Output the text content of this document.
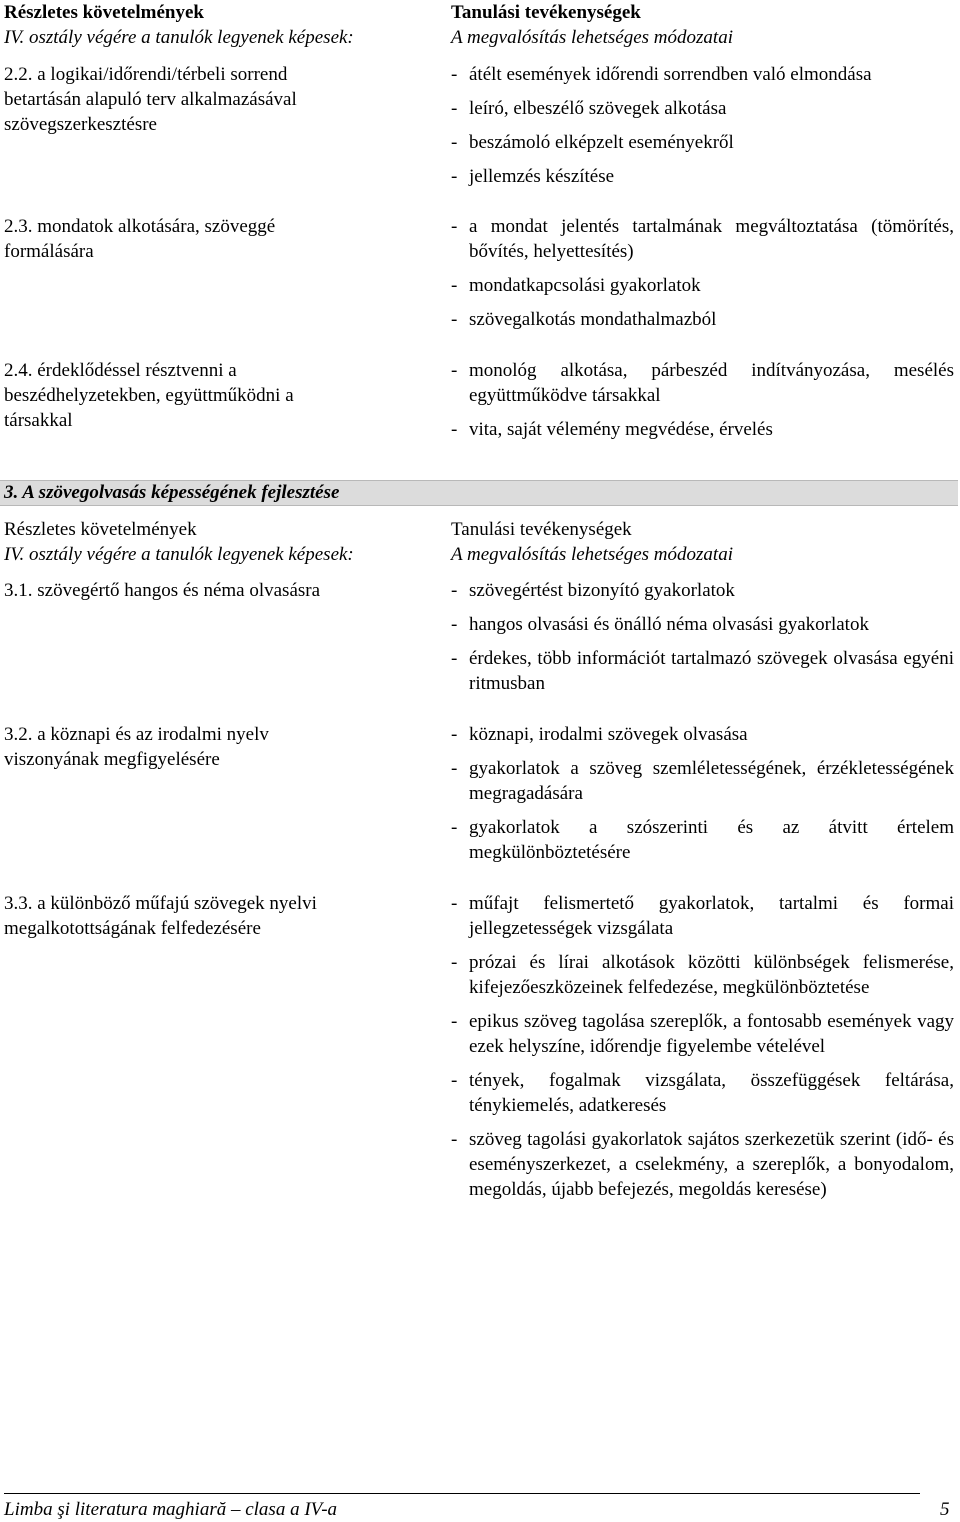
Részletes követelmények
IV. osztály végére a tanulók legyenek képesek:
Tanulási tevékenységek
A megvalósítás lehetséges módozatai
2.2. a logikai/időrendi/térbeli sorrend betartásán alapuló terv alkalmazásával szövegszerkesztésre
- átélt események időrendi sorrendben való elmondása
- leíró, elbeszélő szövegek alkotása
- beszámoló elképzelt eseményekről
- jellemzés készítése
2.3. mondatok alkotására, szöveggé formálására
- a mondat jelentés tartalmának megváltoztatása (tömörítés, bővítés, helyettesítés)
- mondatkapcsolási gyakorlatok
- szövegalkotás mondathalmazból
2.4. érdeklődéssel résztvenni a beszédhelyzetekben, együttműködni a társakkal
- monológ alkotása, párbeszéd indítványozása, mesélés együttműködve társakkal
- vita, saját vélemény megvédése, érvelés
3. A szövegolvasás képességének fejlesztése
Részletes követelmények
IV. osztály végére a tanulók legyenek képesek:
Tanulási tevékenységek
A megvalósítás lehetséges módozatai
3.1. szövegértő hangos és néma olvasásra	- szövegértést bizonyító gyakorlatok
- hangos olvasási és önálló néma olvasási gyakorlatok
- érdekes, több információt tartalmazó szövegek olvasása egyéni ritmusban
3.2. a köznapi és az irodalmi nyelv viszonyának megfigyelésére
- köznapi, irodalmi szövegek olvasása
- gyakorlatok a szöveg szemléletességének, érzékletességének megragadására
- gyakorlatok a szószerinti és az átvitt értelem megkülönböztetésére
3.3. a különböző műfajú szövegek nyelvi megalkotottságának felfedezésére
- műfajt felismertető gyakorlatok, tartalmi és formai jellegzetességek vizsgálata
- prózai és lírai alkotások közötti különbségek felismerése, kifejezőeszközeinek felfedezése, megkülönböztetése
- epikus szöveg tagolása szereplők, a fontosabb események vagy ezek helyszíne, időrendje figyelembe vételével
- tények, fogalmak vizsgálata, összefüggések feltárása, ténykiemelés, adatkeresés
- szöveg tagolási gyakorlatok sajátos szerkezetük szerint (idő- és eseményszerkezet, a cselekmény, a szereplők, a bonyodalom, megoldás, újabb befejezés, megoldás keresése)
Limba şi literatura maghiară – clasa a IV-a	5
